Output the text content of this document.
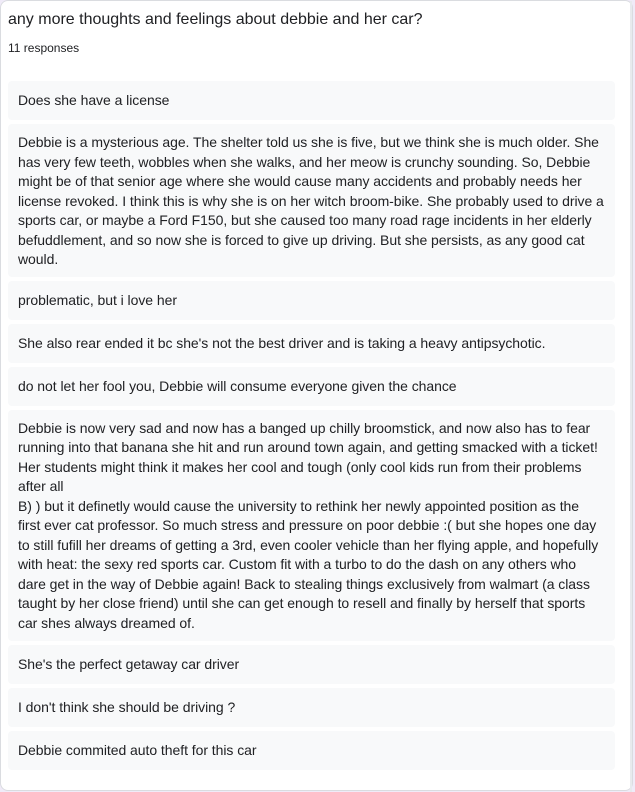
any more thoughts and feelings about debbie and her car?
11 responses
Does she have a license
Debbie is a mysterious age. The shelter told us she is five, but we think she is much older. She has very few teeth, wobbles when she walks, and her meow is crunchy sounding. So, Debbie might be of that senior age where she would cause many accidents and probably needs her license revoked. I think this is why she is on her witch broom-bike. She probably used to drive a sports car, or maybe a Ford F150, but she caused too many road rage incidents in her elderly befuddlement, and so now she is forced to give up driving. But she persists, as any good cat would.
problematic, but i love her
She also rear ended it bc she's not the best driver and is taking a heavy antipsychotic.
do not let her fool you, Debbie will consume everyone given the chance
Debbie is now very sad and now has a banged up chilly broomstick, and now also has to fear running into that banana she hit and run around town again, and getting smacked with a ticket! Her students might think it makes her cool and tough (only cool kids run from their problems after all
B) ) but it definetly would cause the university to rethink her newly appointed position as the first ever cat professor. So much stress and pressure on poor debbie :( but she hopes one day to still fufill her dreams of getting a 3rd, even cooler vehicle than her flying apple, and hopefully with heat: the sexy red sports car. Custom fit with a turbo to do the dash on any others who dare get in the way of Debbie again! Back to stealing things exclusively from walmart (a class taught by her close friend) until she can get enough to resell and finally by herself that sports car shes always dreamed of.
She's the perfect getaway car driver
I don't think she should be driving ?
Debbie commited auto theft for this car
